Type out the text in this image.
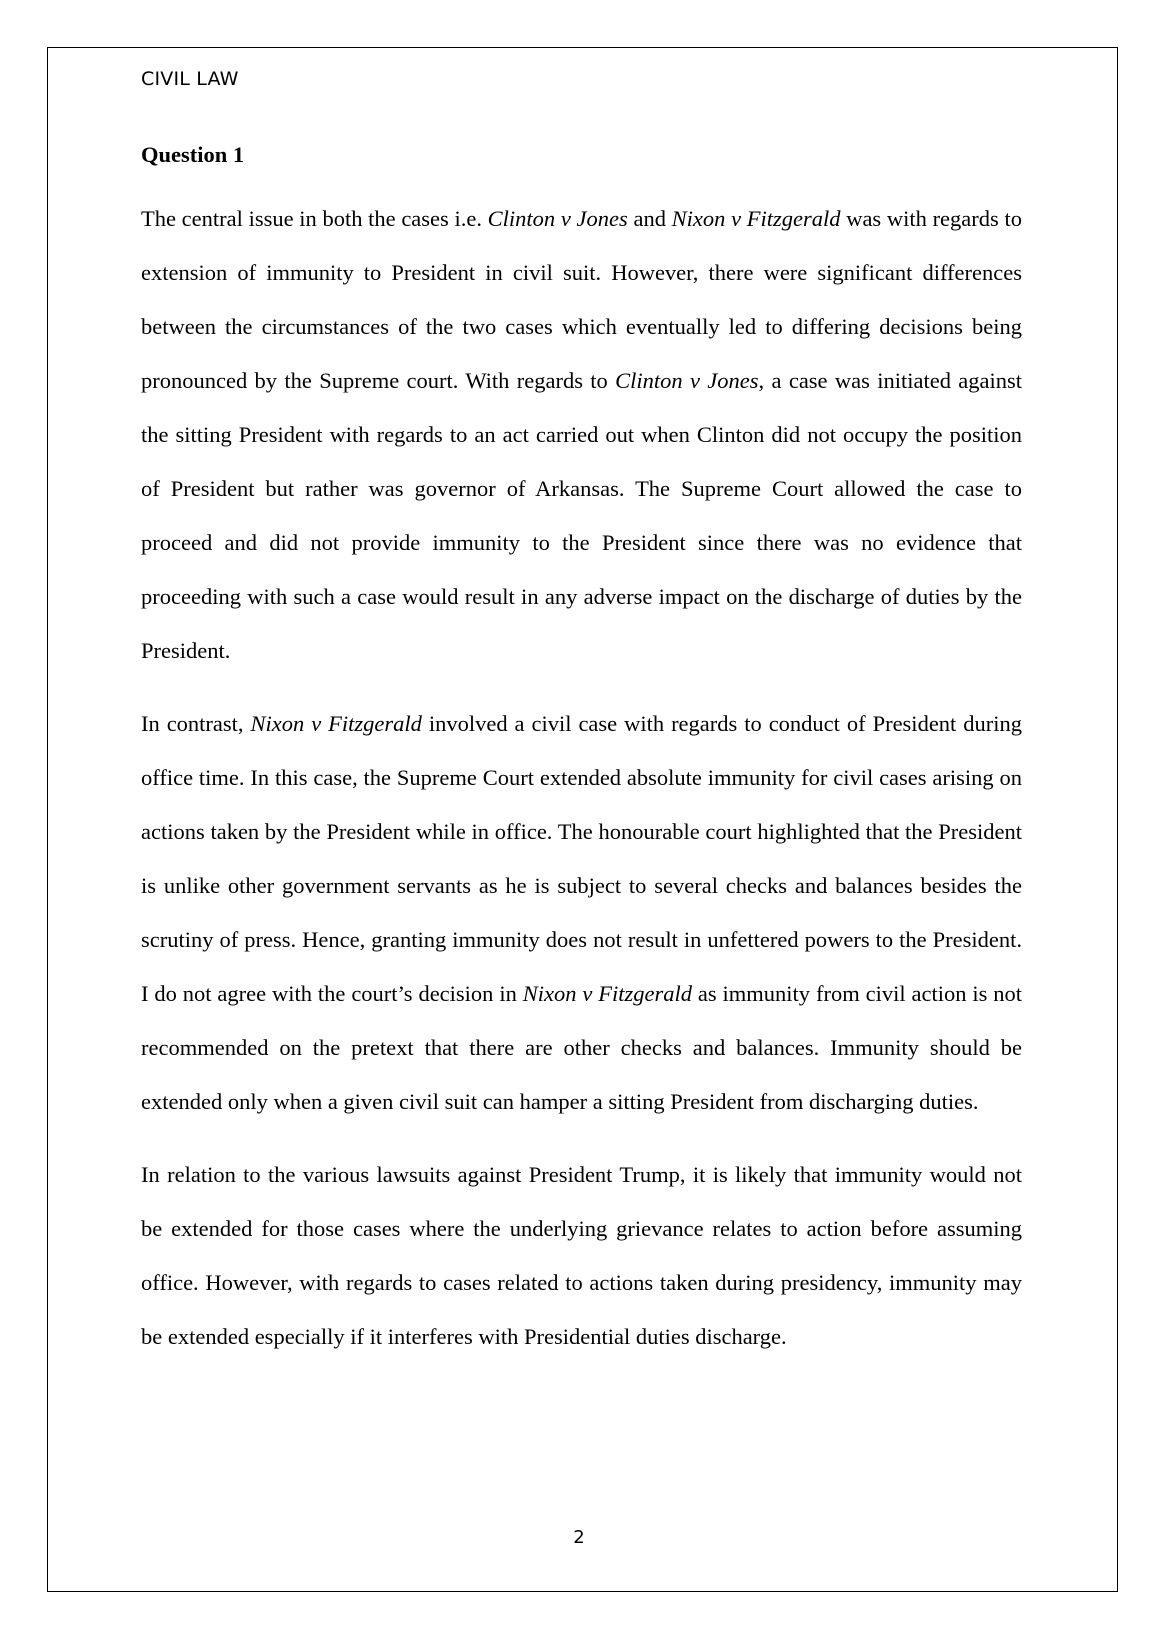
CIVIL LAW
Question 1

The central issue in both the cases i.e. Clinton v Jones and Nixon v Fitzgerald was with regards to extension of immunity to President in civil suit. However, there were significant differences between the circumstances of the two cases which eventually led to differing decisions being pronounced by the Supreme court. With regards to Clinton v Jones, a case was initiated against the sitting President with regards to an act carried out when Clinton did not occupy the position of President but rather was governor of Arkansas. The Supreme Court allowed the case to proceed and did not provide immunity to the President since there was no evidence that proceeding with such a case would result in any adverse impact on the discharge of duties by the President.

In contrast, Nixon v Fitzgerald involved a civil case with regards to conduct of President during office time. In this case, the Supreme Court extended absolute immunity for civil cases arising on actions taken by the President while in office. The honourable court highlighted that the President is unlike other government servants as he is subject to several checks and balances besides the scrutiny of press. Hence, granting immunity does not result in unfettered powers to the President. I do not agree with the court’s decision in Nixon v Fitzgerald as immunity from civil action is not recommended on the pretext that there are other checks and balances. Immunity should be extended only when a given civil suit can hamper a sitting President from discharging duties.

In relation to the various lawsuits against President Trump, it is likely that immunity would not be extended for those cases where the underlying grievance relates to action before assuming office. However, with regards to cases related to actions taken during presidency, immunity may be extended especially if it interferes with Presidential duties discharge.

2
